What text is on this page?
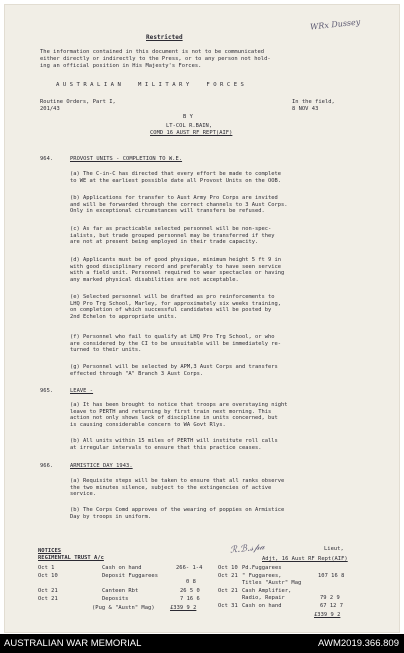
Restricted
WRx Dussey
The information contained in this document is not to be communicated
either directly or indirectly to the Press, or to any person not hold-
ing an official position in His Majesty's Forces.
A U S T R A L I A N     M I L I T A R Y     F O R C E S
Routine Orders, Part I,
201/43
In the field,
8 NOV 43
B Y
LT-COL R.BAIN,
COMD 16 AUST RF REPT(AIF)
964.	PROVOST UNITS - COMPLETION TO W.E.
(a) The C-in-C has directed that every effort be made to complete
to WE at the earliest possible date all Provost Units on the OOB.
(b) Applications for transfer to Aust Army Pro Corps are invited
and will be forwarded through the correct channels to 3 Aust Corps.
Only in exceptional circumstances will transfers be refused.
(c) As far as practicable selected personnel will be non-spec-
ialists, but trade grouped personnel may be transferred if they
are not at present being employed in their trade capacity.
(d) Applicants must be of good physique, minimum height 5 ft 9 in
with good disciplinary record and preferably to have seen service
with a field unit. Personnel required to wear spectacles or having
any marked physical disabilities are not acceptable.
(e) Selected personnel will be drafted as pro reinforcements to
LHQ Pro Trg School, Marley, for approximately six weeks training,
on completion of which successful candidates will be posted by
2nd Echelon to appropriate units.
(f) Personnel who fail to qualify at LHQ Pro Trg School, or who
are considered by the CI to be unsuitable will be immediately re-
turned to their units.
(g) Personnel will be selected by APM,3 Aust Corps and transfers
effected through "A" Branch 3 Aust Corps.
965.	LEAVE -
(a) It has been brought to notice that troops are overstaying night
leave to PERTH and returning by first train next morning. This
action not only shows lack of discipline in units concerned, but
is causing considerable concern to WA Govt Rlys.
(b) All units within 15 miles of PERTH will institute roll calls
at irregular intervals to ensure that this practice ceases.
966.	ARMISTICE DAY 1943.
(a) Requisite steps will be taken to ensure that all ranks observe
the two minutes silence, subject to the extingencies of active
service.
(b) The Corps Comd approves of the wearing of poppies on Armistice
Day by troops in uniform.
ℛ.ℬ.𝓈𝓅𝒶	Lieut,
Adjt, 16 Aust RF Rept(AIF)
NOTICES
REGIMENTAL TRUST A/c
Oct 1	Cash on hand	266- 1-4
Oct 10	Deposit Fuggarees
0 8
Oct 21	Canteen Rbt	26 5 0
Oct 21	Deposits	7 16 6
(Pug & "Austn" Mag)	£339 9 2
Oct 10 Pd.Fuggarees
Oct 21 " Fuggarees,	107 16 8
Titles "Austr" Mag
Oct 21 Cash Amplifier,
Radio, Repair	79 2 9
Oct 31 Cash on hand	67 12 7
£339 9 2
AUSTRALIAN WAR MEMORIAL	AWM2019.366.809
